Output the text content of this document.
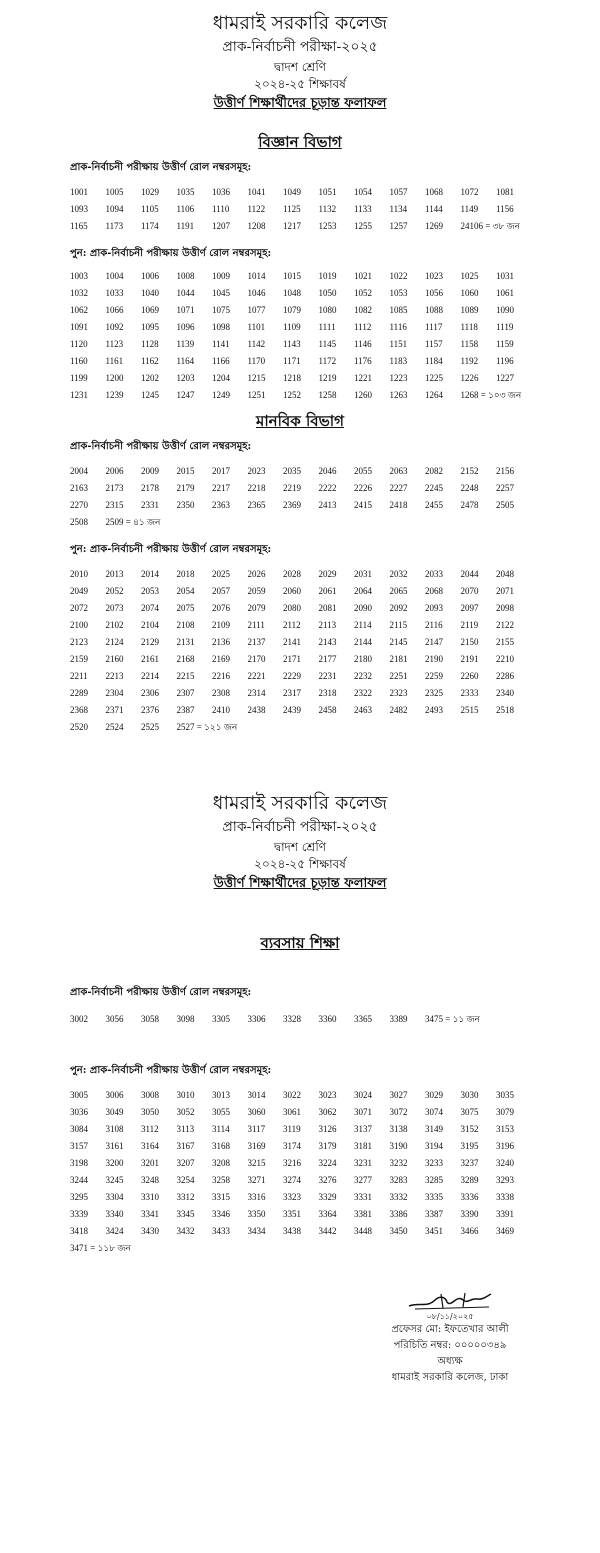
ধামরাই সরকারি কলেজ
প্রাক-নির্বাচনী পরীক্ষা-২০২৫
দ্বাদশ শ্রেণি
২০২৪-২৫ শিক্ষাবর্ষ
উত্তীর্ণ শিক্ষার্থীদের চূড়ান্ত ফলাফল
বিজ্ঞান বিভাগ
প্রাক-নির্বাচনী পরীক্ষায় উত্তীর্ণ রোল নম্বরসমূহ:
1001	1005	1029	1035	1036	1041	1049	1051	1054	1057	1068	1072	1081
1093	1094	1105	1106	1110	1122	1125	1132	1133	1134	1144	1149	1156
1165	1173	1174	1191	1207	1208	1217	1253	1255	1257	1269	24106 = ৩৮ জন
পুন: প্রাক-নির্বাচনী পরীক্ষায় উত্তীর্ণ রোল নম্বরসমূহ:
1003	1004	1006	1008	1009	1014	1015	1019	1021	1022	1023	1025	1031
1032	1033	1040	1044	1045	1046	1048	1050	1052	1053	1056	1060	1061
1062	1066	1069	1071	1075	1077	1079	1080	1082	1085	1088	1089	1090
1091	1092	1095	1096	1098	1101	1109	1111	1112	1116	1117	1118	1119
1120	1123	1128	1139	1141	1142	1143	1145	1146	1151	1157	1158	1159
1160	1161	1162	1164	1166	1170	1171	1172	1176	1183	1184	1192	1196
1199	1200	1202	1203	1204	1215	1218	1219	1221	1223	1225	1226	1227
1231	1239	1245	1247	1249	1251	1252	1258	1260	1263	1264	1268 = ১০৩ জন
মানবিক বিভাগ
প্রাক-নির্বাচনী পরীক্ষায় উত্তীর্ণ রোল নম্বরসমূহ:
2004	2006	2009	2015	2017	2023	2035	2046	2055	2063	2082	2152	2156
2163	2173	2178	2179	2217	2218	2219	2222	2226	2227	2245	2248	2257
2270	2315	2331	2350	2363	2365	2369	2413	2415	2418	2455	2478	2505
2508	2509 = ৪১ জন
পুন: প্রাক-নির্বাচনী পরীক্ষায় উত্তীর্ণ রোল নম্বরসমূহ:
2010	2013	2014	2018	2025	2026	2028	2029	2031	2032	2033	2044	2048
2049	2052	2053	2054	2057	2059	2060	2061	2064	2065	2068	2070	2071
2072	2073	2074	2075	2076	2079	2080	2081	2090	2092	2093	2097	2098
2100	2102	2104	2108	2109	2111	2112	2113	2114	2115	2116	2119	2122
2123	2124	2129	2131	2136	2137	2141	2143	2144	2145	2147	2150	2155
2159	2160	2161	2168	2169	2170	2171	2177	2180	2181	2190	2191	2210
2211	2213	2214	2215	2216	2221	2229	2231	2232	2251	2259	2260	2286
2289	2304	2306	2307	2308	2314	2317	2318	2322	2323	2325	2333	2340
2368	2371	2376	2387	2410	2438	2439	2458	2463	2482	2493	2515	2518
2520	2524	2525	2527 = ১২১ জন
ধামরাই সরকারি কলেজ
প্রাক-নির্বাচনী পরীক্ষা-২০২৫
দ্বাদশ শ্রেণি
২০২৪-২৫ শিক্ষাবর্ষ
উত্তীর্ণ শিক্ষার্থীদের চূড়ান্ত ফলাফল
ব্যবসায় শিক্ষা
প্রাক-নির্বাচনী পরীক্ষায় উত্তীর্ণ রোল নম্বরসমূহ:
3002	3056	3058	3098	3305	3306	3328	3360	3365	3389	3475 = ১১ জন
পুন: প্রাক-নির্বাচনী পরীক্ষায় উত্তীর্ণ রোল নম্বরসমূহ:
3005	3006	3008	3010	3013	3014	3022	3023	3024	3027	3029	3030	3035
3036	3049	3050	3052	3055	3060	3061	3062	3071	3072	3074	3075	3079
3084	3108	3112	3113	3114	3117	3119	3126	3137	3138	3149	3152	3153
3157	3161	3164	3167	3168	3169	3174	3179	3181	3190	3194	3195	3196
3198	3200	3201	3207	3208	3215	3216	3224	3231	3232	3233	3237	3240
3244	3245	3248	3254	3258	3271	3274	3276	3277	3283	3285	3289	3293
3295	3304	3310	3312	3315	3316	3323	3329	3331	3332	3335	3336	3338
3339	3340	3341	3345	3346	3350	3351	3364	3381	3386	3387	3390	3391
3418	3424	3430	3432	3433	3434	3438	3442	3448	3450	3451	3466	3469
3471 = ১১৮ জন
০৮/১১/২০২৫
প্রফেসর মো: ইফতেখার আলী
পরিচিতি নম্বর: ০০০০০৩৪৯
অধ্যক্ষ
ধামরাই সরকারি কলেজ, ঢাকা
